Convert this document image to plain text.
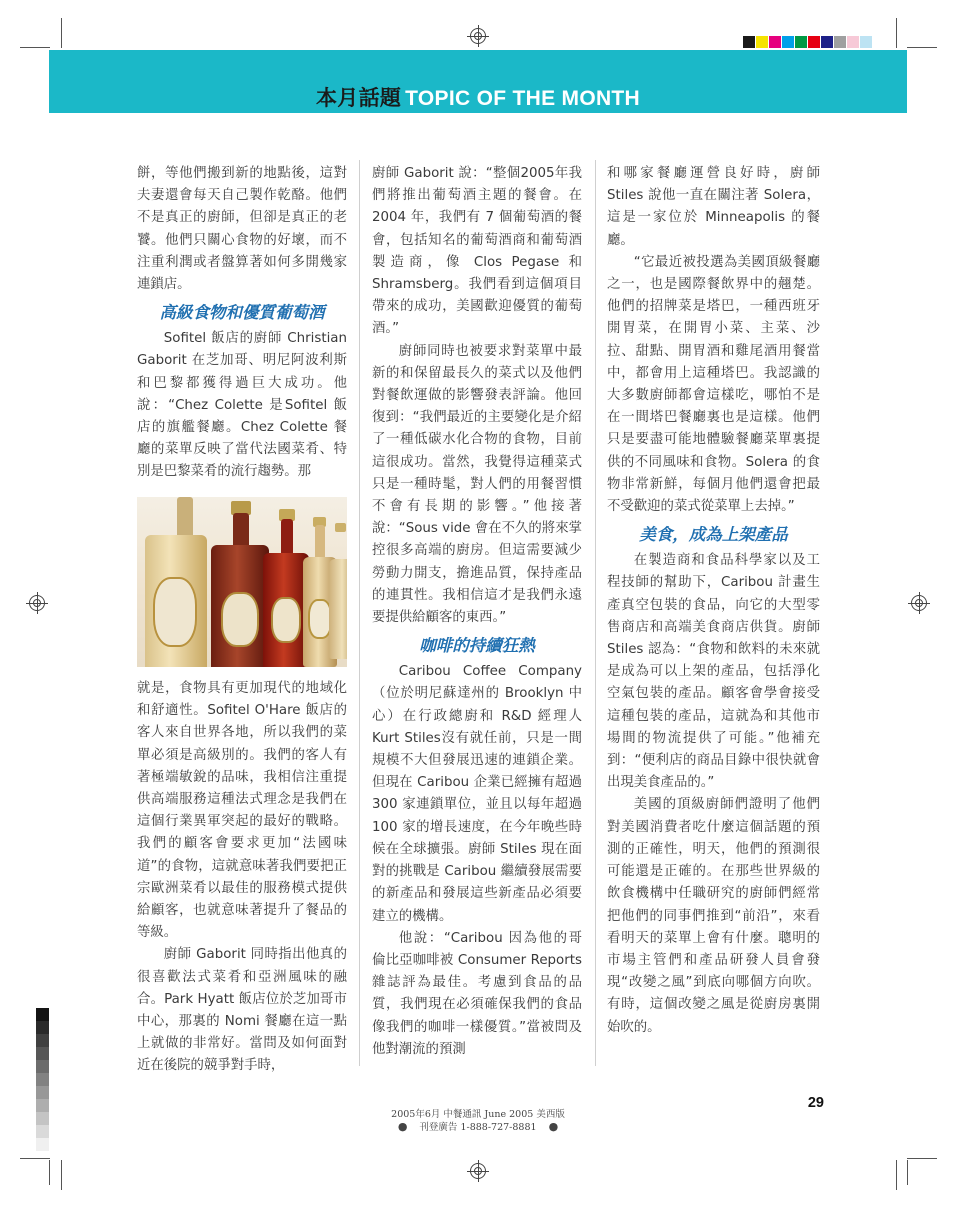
本月話題 TOPIC OF THE MONTH

餅，等他們搬到新的地點後，這對夫妻還會每天自己製作乾酪。他們不是真正的廚師，但卻是真正的老饕。他們只關心食物的好壞，而不注重利潤或者盤算著如何多開幾家連鎖店。

高級食物和優質葡萄酒

Sofitel 飯店的廚師 Christian Gaborit 在芝加哥、明尼阿波利斯和巴黎都獲得過巨大成功。他說：“Chez Colette 是Sofitel 飯店的旗艦餐廳。Chez Colette 餐廳的菜單反映了當代法國菜肴、特別是巴黎菜肴的流行趨勢。那

就是，食物具有更加現代的地域化和舒適性。Sofitel O'Hare 飯店的客人來自世界各地，所以我們的菜單必須是高級別的。我們的客人有著極端敏銳的品味，我相信注重提供高端服務這種法式理念是我們在這個行業異軍突起的最好的戰略。我們的顧客會要求更加“法國味道”的食物，這就意味著我們要把正宗歐洲菜肴以最佳的服務模式提供給顧客，也就意味著提升了餐品的等級。

廚師 Gaborit 同時指出他真的很喜歡法式菜肴和亞洲風味的融合。Park Hyatt 飯店位於芝加哥市中心，那裏的 Nomi 餐廳在這一點上就做的非常好。當問及如何面對近在後院的競爭對手時，

廚師 Gaborit 說：“整個2005年我們將推出葡萄酒主題的餐會。在 2004 年，我們有 7 個葡萄酒的餐會，包括知名的葡萄酒商和葡萄酒製造商，像 Clos Pegase 和 Shramsberg。我們看到這個項目帶來的成功，美國歡迎優質的葡萄酒。”

廚師同時也被要求對菜單中最新的和保留最長久的菜式以及他們對餐飲運做的影響發表評論。他回復到：“我們最近的主要變化是介紹了一種低碳水化合物的食物，目前這很成功。當然，我覺得這種菜式只是一種時髦，對人們的用餐習慣不會有長期的影響。”他接著說：“Sous vide 會在不久的將來掌控很多高端的廚房。但這需要減少勞動力開支，擔進品質，保持產品的連貫性。我相信這才是我們永遠要提供給顧客的東西。”

咖啡的持續狂熱

Caribou Coffee Company（位於明尼蘇達州的 Brooklyn 中心）在行政總廚和 R&D 經理人 Kurt Stiles沒有就任前，只是一間規模不大但發展迅速的連鎖企業。但現在 Caribou 企業已經擁有超過 300 家連鎖單位，並且以每年超過 100 家的增長速度，在今年晚些時候在全球擴張。廚師 Stiles 現在面對的挑戰是 Caribou 繼續發展需要的新產品和發展這些新產品必須要建立的機構。

他說：“Caribou 因為他的哥倫比亞咖啡被 Consumer Reports 雜誌評為最佳。考慮到食品的品質，我們現在必須確保我們的食品像我們的咖啡一樣優質。”當被問及他對潮流的預測

和哪家餐廳運營良好時，廚師 Stiles 說他一直在關注著 Solera，這是一家位於 Minneapolis 的餐廳。

“它最近被投選為美國頂級餐廳之一，也是國際餐飲界中的翹楚。他們的招牌菜是塔巴，一種西班牙開胃菜，在開胃小菜、主菜、沙拉、甜點、開胃酒和雞尾酒用餐當中，都會用上這種塔巴。我認識的大多數廚師都會這樣吃，哪怕不是在一間塔巴餐廳裏也是這樣。他們只是要盡可能地體驗餐廳菜單裏提供的不同風味和食物。Solera 的食物非常新鮮，每個月他們還會把最不受歡迎的菜式從菜單上去掉。”

美食，成為上架產品

在製造商和食品科學家以及工程技師的幫助下，Caribou 計畫生產真空包裝的食品，向它的大型零售商店和高端美食商店供貨。廚師 Stiles 認為：“食物和飲料的未來就是成為可以上架的產品，包括淨化空氣包裝的產品。顧客會學會接受這種包裝的產品，這就為和其他市場間的物流提供了可能。”他補充到：“便利店的商品目錄中很快就會出現美食產品的。”

美國的頂級廚師們證明了他們對美國消費者吃什麼這個話題的預測的正確性，明天，他們的預測很可能還是正確的。在那些世界級的飲食機構中任職研究的廚師們經常把他們的同事們推到“前沿”，來看看明天的菜單上會有什麼。聰明的市場主管們和產品研發人員會發現“改變之風”到底向哪個方向吹。有時，這個改變之風是從廚房裏開始吹的。

29
2005年6月 中餐通訊 June 2005 美西版
● 刊登廣告 1-888-727-8881 ●
